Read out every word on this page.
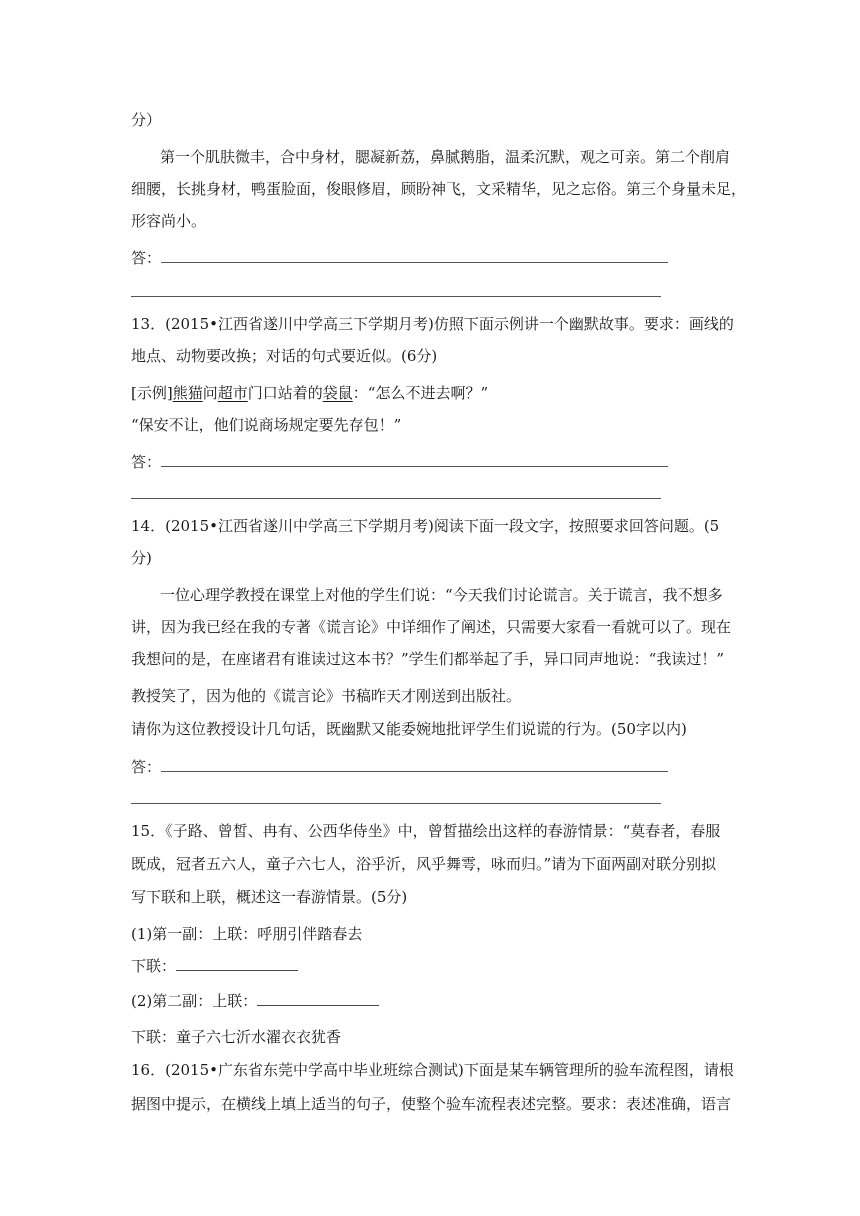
分）
第一个肌肤微丰，合中身材，腮凝新荔，鼻腻鹅脂，温柔沉默，观之可亲。第二个削肩
细腰，长挑身材，鸭蛋脸面，俊眼修眉，顾盼神飞，文采精华，见之忘俗。第三个身量未足，
形容尚小。
答：
13．(2015•江西省遂川中学高三下学期月考)仿照下面示例讲一个幽默故事。要求：画线的
地点、动物要改换；对话的句式要近似。(6分)
[示例]熊猫问超市门口站着的袋鼠：“怎么不进去啊？”
“保安不让，他们说商场规定要先存包！”
答：
14．(2015•江西省遂川中学高三下学期月考)阅读下面一段文字，按照要求回答问题。(5
分)
一位心理学教授在课堂上对他的学生们说：“今天我们讨论谎言。关于谎言，我不想多
讲，因为我已经在我的专著《谎言论》中详细作了阐述，只需要大家看一看就可以了。现在
我想问的是，在座诸君有谁读过这本书？”学生们都举起了手，异口同声地说：“我读过！”
教授笑了，因为他的《谎言论》书稿昨天才刚送到出版社。
请你为这位教授设计几句话，既幽默又能委婉地批评学生们说谎的行为。(50字以内)
答：
15．《子路、曾皙、冉有、公西华侍坐》中，曾皙描绘出这样的春游情景：“莫春者，春服
既成，冠者五六人，童子六七人，浴乎沂，风乎舞雩，咏而归。”请为下面两副对联分别拟
写下联和上联，概述这一春游情景。(5分)
(1)第一副：上联：呼朋引伴踏春去
下联：
(2)第二副：上联：
下联：童子六七沂水濯衣衣犹香
16．(2015•广东省东莞中学高中毕业班综合测试)下面是某车辆管理所的验车流程图，请根
据图中提示，在横线上填上适当的句子，使整个验车流程表述完整。要求：表述准确，语言
